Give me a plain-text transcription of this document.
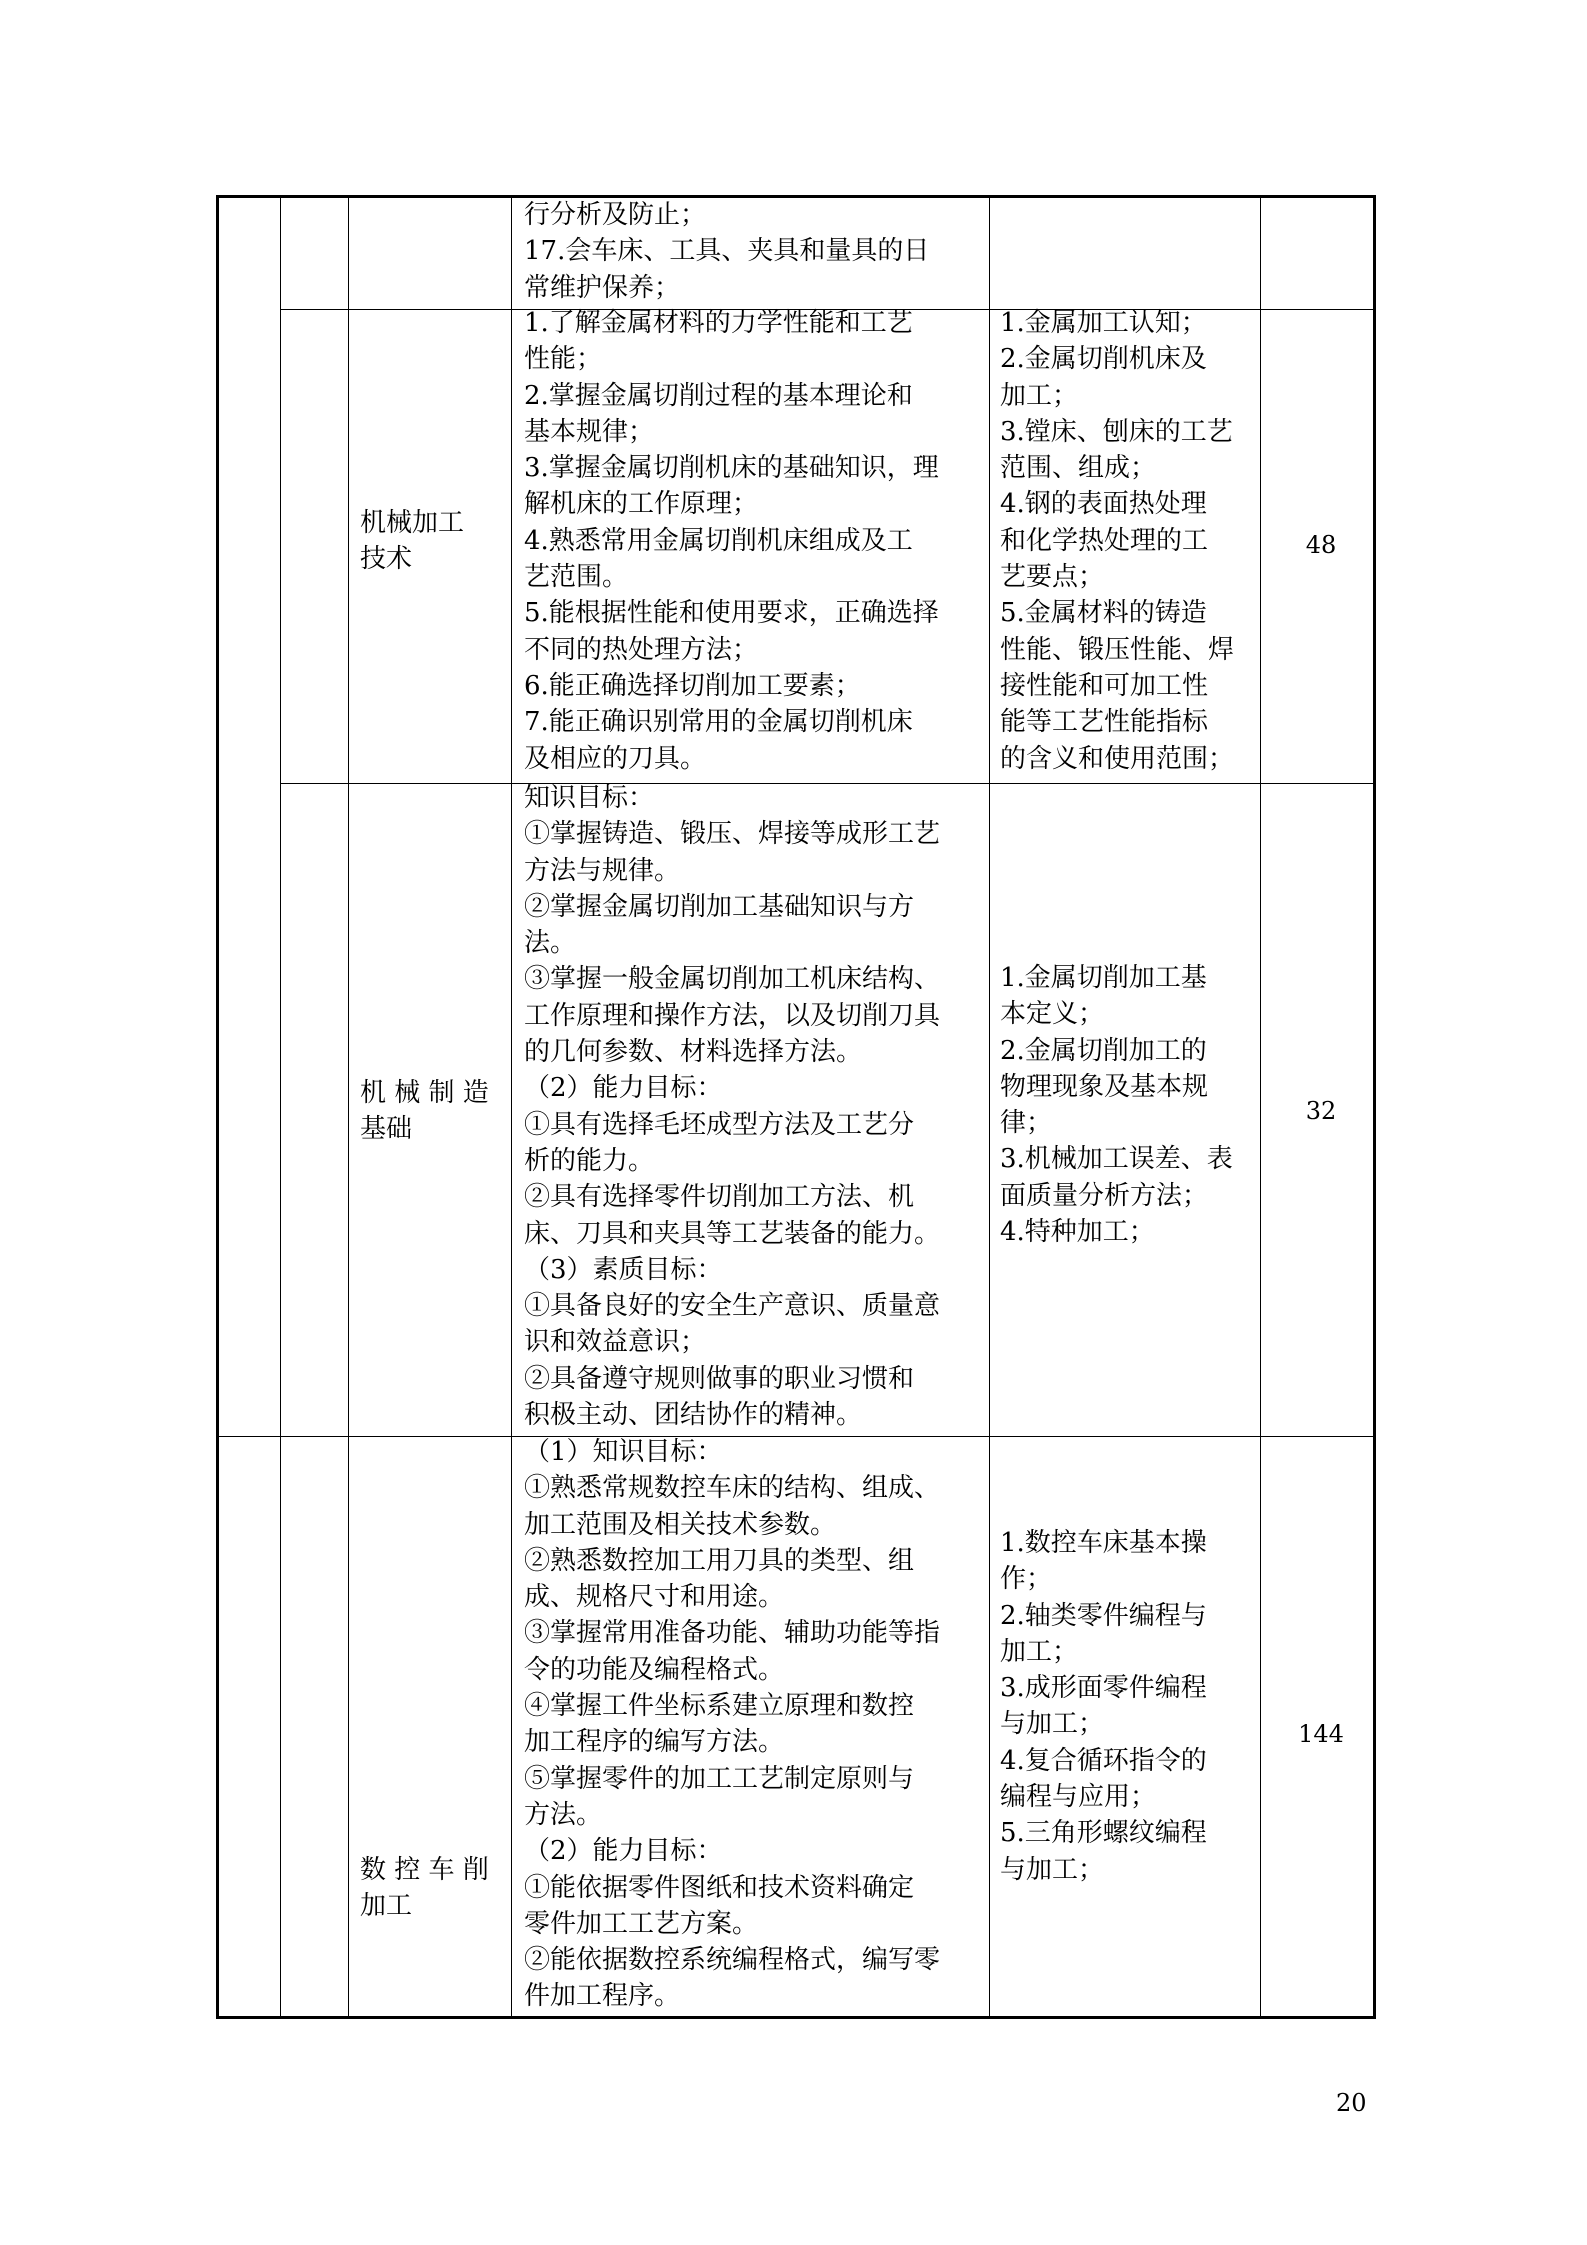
行分析及防止；

17.会车床、工具、夹具和量具的日

常维护保养；

机械加工

技术

1.了解金属材料的力学性能和工艺

性能；

2.掌握金属切削过程的基本理论和

基本规律；

3.掌握金属切削机床的基础知识，理

解机床的工作原理；

4.熟悉常用金属切削机床组成及工

艺范围。

5.能根据性能和使用要求，正确选择

不同的热处理方法；

6.能正确选择切削加工要素；

7.能正确识别常用的金属切削机床

及相应的刀具。

1.金属加工认知；

2.金属切削机床及

加工；

3.镗床、刨床的工艺

范围、组成；

4.钢的表面热处理

和化学热处理的工

艺要点；

5.金属材料的铸造

性能、锻压性能、焊

接性能和可加工性

能等工艺性能指标

的含义和使用范围；

48

机 械 制 造

基础

知识目标：

①掌握铸造、锻压、焊接等成形工艺

方法与规律。

②掌握金属切削加工基础知识与方

法。

③掌握一般金属切削加工机床结构、

工作原理和操作方法，以及切削刀具

的几何参数、材料选择方法。

（2）能力目标：

①具有选择毛坯成型方法及工艺分

析的能力。

②具有选择零件切削加工方法、机

床、刀具和夹具等工艺装备的能力。

（3）素质目标：

①具备良好的安全生产意识、质量意

识和效益意识；

②具备遵守规则做事的职业习惯和

积极主动、团结协作的精神。

1.金属切削加工基

本定义；

2.金属切削加工的

物理现象及基本规

律；

3.机械加工误差、表

面质量分析方法；

4.特种加工；

32

数 控 车 削

加工

（1）知识目标：

①熟悉常规数控车床的结构、组成、

加工范围及相关技术参数。

②熟悉数控加工用刀具的类型、组

成、规格尺寸和用途。

③掌握常用准备功能、辅助功能等指

令的功能及编程格式。

④掌握工件坐标系建立原理和数控

加工程序的编写方法。

⑤掌握零件的加工工艺制定原则与

方法。

（2）能力目标：

①能依据零件图纸和技术资料确定

零件加工工艺方案。

②能依据数控系统编程格式，编写零

件加工程序。

1.数控车床基本操

作；

2.轴类零件编程与

加工；

3.成形面零件编程

与加工；

4.复合循环指令的

编程与应用；

5.三角形螺纹编程

与加工；

144
20
